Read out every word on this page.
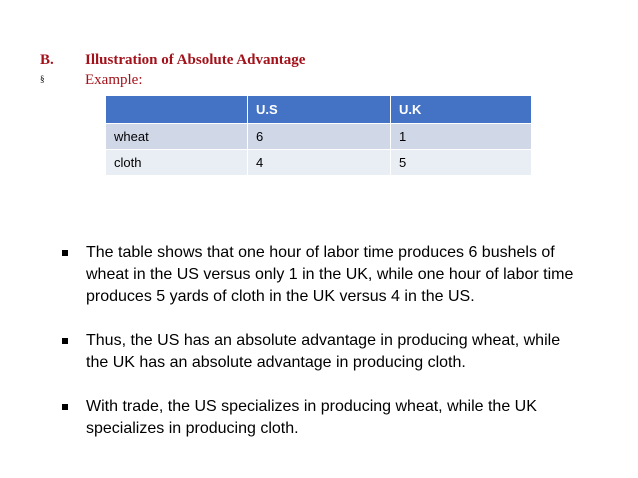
B. Illustration of Absolute Advantage
§	Example:
	U.S	U.K
wheat	6	1
cloth	4	5
The table shows that one hour of labor time produces 6 bushels of wheat in the US versus only 1 in the UK, while one hour of labor time produces 5 yards of cloth in the UK versus 4 in the US.
Thus, the US has an absolute advantage in producing wheat, while the UK has an absolute advantage in producing cloth.
With trade, the US specializes in producing wheat, while the UK specializes in producing cloth.
